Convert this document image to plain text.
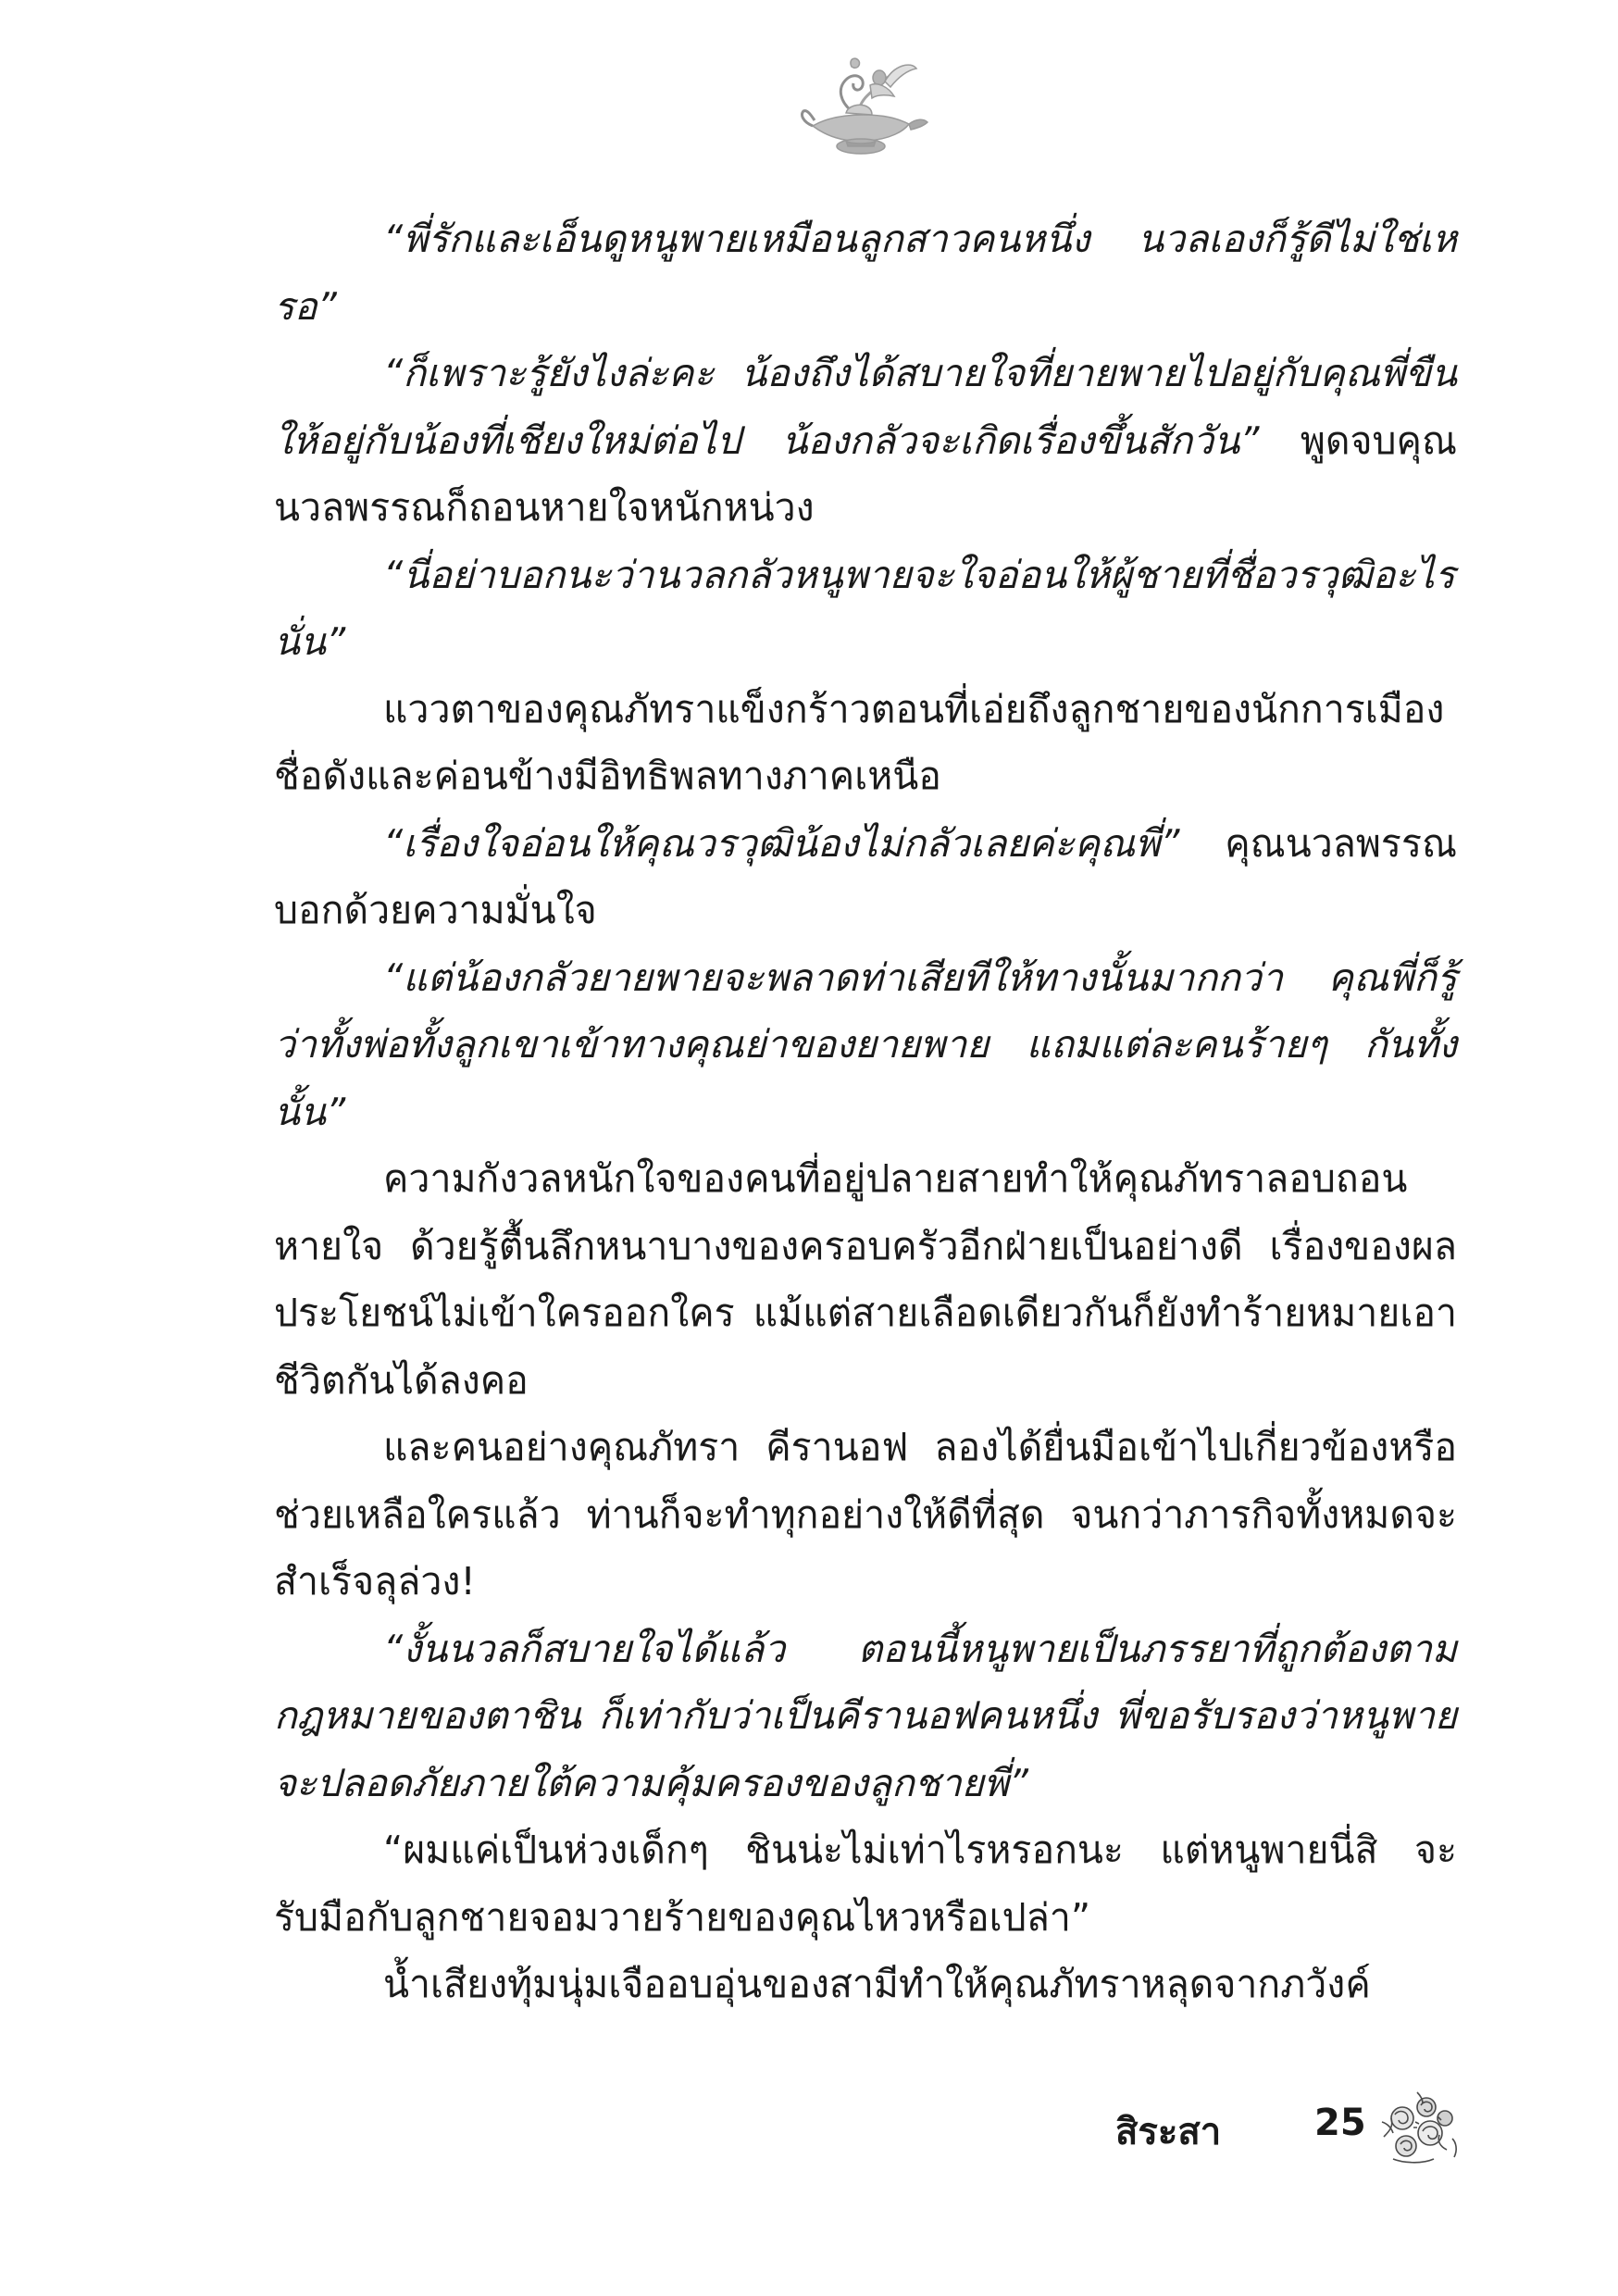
“พี่รักและเอ็นดูหนูพายเหมือนลูกสาวคนหนึ่ง นวลเองก็รู้ดีไม่ใช่เหรอ”

“ก็เพราะรู้ยังไงล่ะคะ น้องถึงได้สบายใจที่ยายพายไปอยู่กับคุณพี่ขืนให้อยู่กับน้องที่เชียงใหม่ต่อไป น้องกลัวจะเกิดเรื่องขึ้นสักวัน” พูดจบคุณนวลพรรณก็ถอนหายใจหนักหน่วง

“นี่อย่าบอกนะว่านวลกลัวหนูพายจะใจอ่อนให้ผู้ชายที่ชื่อวรวุฒิอะไรนั่น”

แววตาของคุณภัทราแข็งกร้าวตอนที่เอ่ยถึงลูกชายของนักการเมืองชื่อดังและค่อนข้างมีอิทธิพลทางภาคเหนือ

“เรื่องใจอ่อนให้คุณวรวุฒิน้องไม่กลัวเลยค่ะคุณพี่” คุณนวลพรรณบอกด้วยความมั่นใจ

“แต่น้องกลัวยายพายจะพลาดท่าเสียทีให้ทางนั้นมากกว่า คุณพี่ก็รู้ว่าทั้งพ่อทั้งลูกเขาเข้าทางคุณย่าของยายพาย แถมแต่ละคนร้ายๆ กันทั้งนั้น”

ความกังวลหนักใจของคนที่อยู่ปลายสายทำให้คุณภัทราลอบถอนหายใจ ด้วยรู้ตื้นลึกหนาบางของครอบครัวอีกฝ่ายเป็นอย่างดี เรื่องของผลประโยชน์ไม่เข้าใครออกใคร แม้แต่สายเลือดเดียวกันก็ยังทำร้ายหมายเอาชีวิตกันได้ลงคอ

และคนอย่างคุณภัทรา คีรานอฟ ลองได้ยื่นมือเข้าไปเกี่ยวข้องหรือช่วยเหลือใครแล้ว ท่านก็จะทำทุกอย่างให้ดีที่สุด จนกว่าภารกิจทั้งหมดจะสำเร็จลุล่วง!

“งั้นนวลก็สบายใจได้แล้ว ตอนนี้หนูพายเป็นภรรยาที่ถูกต้องตามกฎหมายของตาชิน ก็เท่ากับว่าเป็นคีรานอฟคนหนึ่ง พี่ขอรับรองว่าหนูพายจะปลอดภัยภายใต้ความคุ้มครองของลูกชายพี่”

“ผมแค่เป็นห่วงเด็กๆ ชินน่ะไม่เท่าไรหรอกนะ แต่หนูพายนี่สิ จะรับมือกับลูกชายจอมวายร้ายของคุณไหวหรือเปล่า”

น้ำเสียงทุ้มนุ่มเจืออบอุ่นของสามีทำให้คุณภัทราหลุดจากภวังค์

สิระสา	25
